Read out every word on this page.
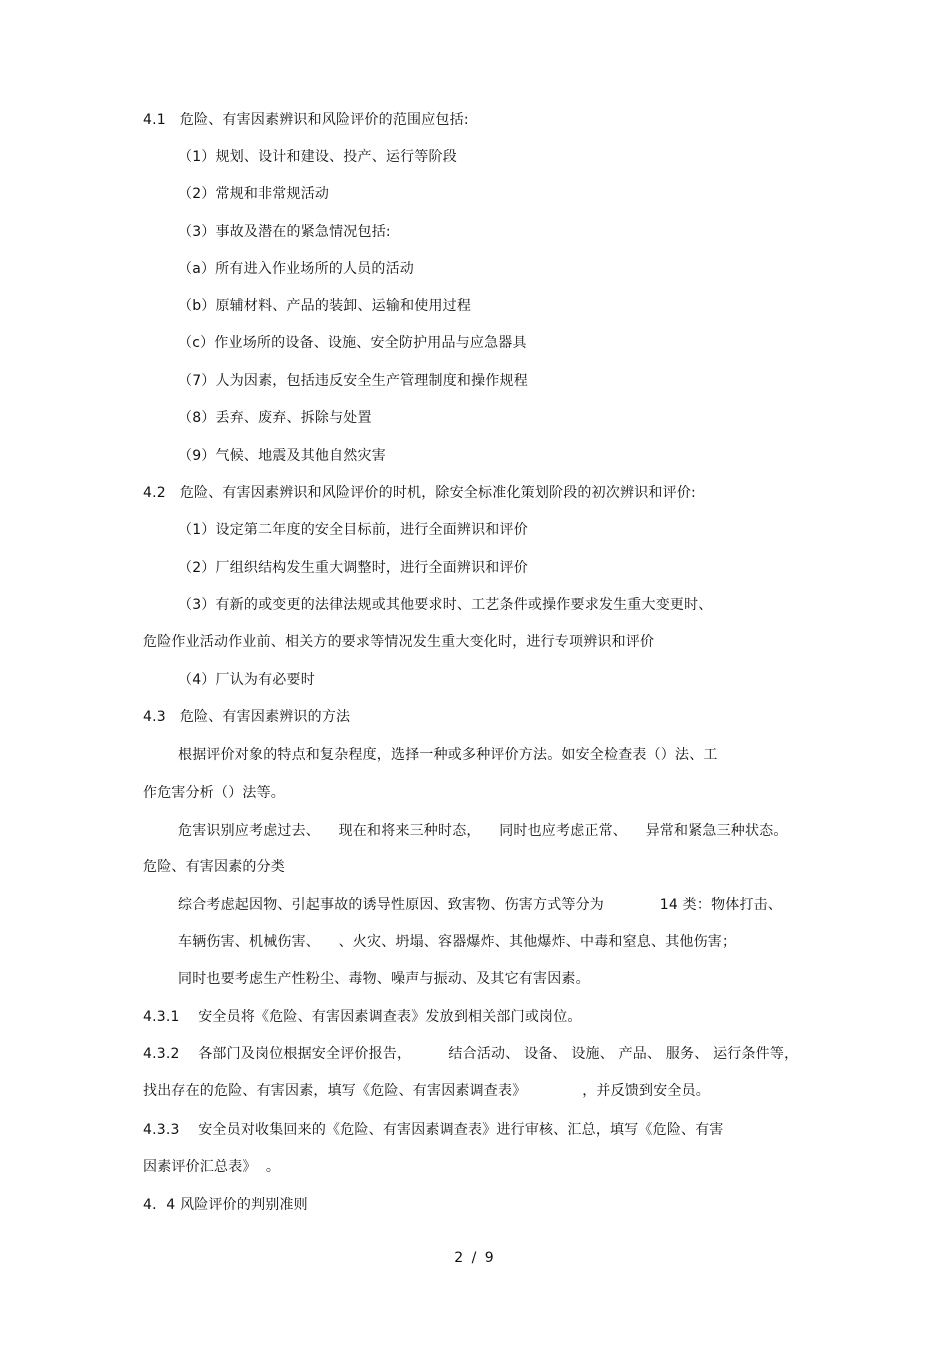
4.1   危险、有害因素辨识和风险评价的范围应包括:
（1）规划、设计和建设、投产、运行等阶段
（2）常规和非常规活动
（3）事故及潜在的紧急情况包括:
（a）所有进入作业场所的人员的活动
（b）原辅材料、产品的装卸、运输和使用过程
（c）作业场所的设备、设施、安全防护用品与应急器具
（7）人为因素，包括违反安全生产管理制度和操作规程
（8）丢弃、废弃、拆除与处置
（9）气候、地震及其他自然灾害
4.2   危险、有害因素辨识和风险评价的时机，除安全标准化策划阶段的初次辨识和评价:
（1）设定第二年度的安全目标前，进行全面辨识和评价
（2）厂组织结构发生重大调整时，进行全面辨识和评价
（3）有新的或变更的法律法规或其他要求时、工艺条件或操作要求发生重大变更时、
危险作业活动作业前、相关方的要求等情况发生重大变化时，进行专项辨识和评价
（4）厂认为有必要时
4.3   危险、有害因素辨识的方法
根据评价对象的特点和复杂程度，选择一种或多种评价方法。如安全检查表（）法、工
作危害分析（）法等。
危害识别应考虑过去、    现在和将来三种时态，    同时也应考虑正常、    异常和紧急三种状态。
危险、有害因素的分类
综合考虑起因物、引起事故的诱导性原因、致害物、伤害方式等分为            14 类：物体打击、
车辆伤害、机械伤害、    、火灾、坍塌、容器爆炸、其他爆炸、中毒和窒息、其他伤害；
同时也要考虑生产性粉尘、毒物、噪声与振动、及其它有害因素。
4.3.1    安全员将《危险、有害因素调查表》发放到相关部门或岗位。
4.3.2    各部门及岗位根据安全评价报告，        结合活动、 设备、 设施、 产品、 服务、 运行条件等，
找出存在的危险、有害因素，填写《危险、有害因素调查表》            ，并反馈到安全员。
4.3.3    安全员对收集回来的《危险、有害因素调查表》进行审核、汇总，填写《危险、有害
因素评价汇总表》  。
4．4 风险评价的判别准则
2 / 9
